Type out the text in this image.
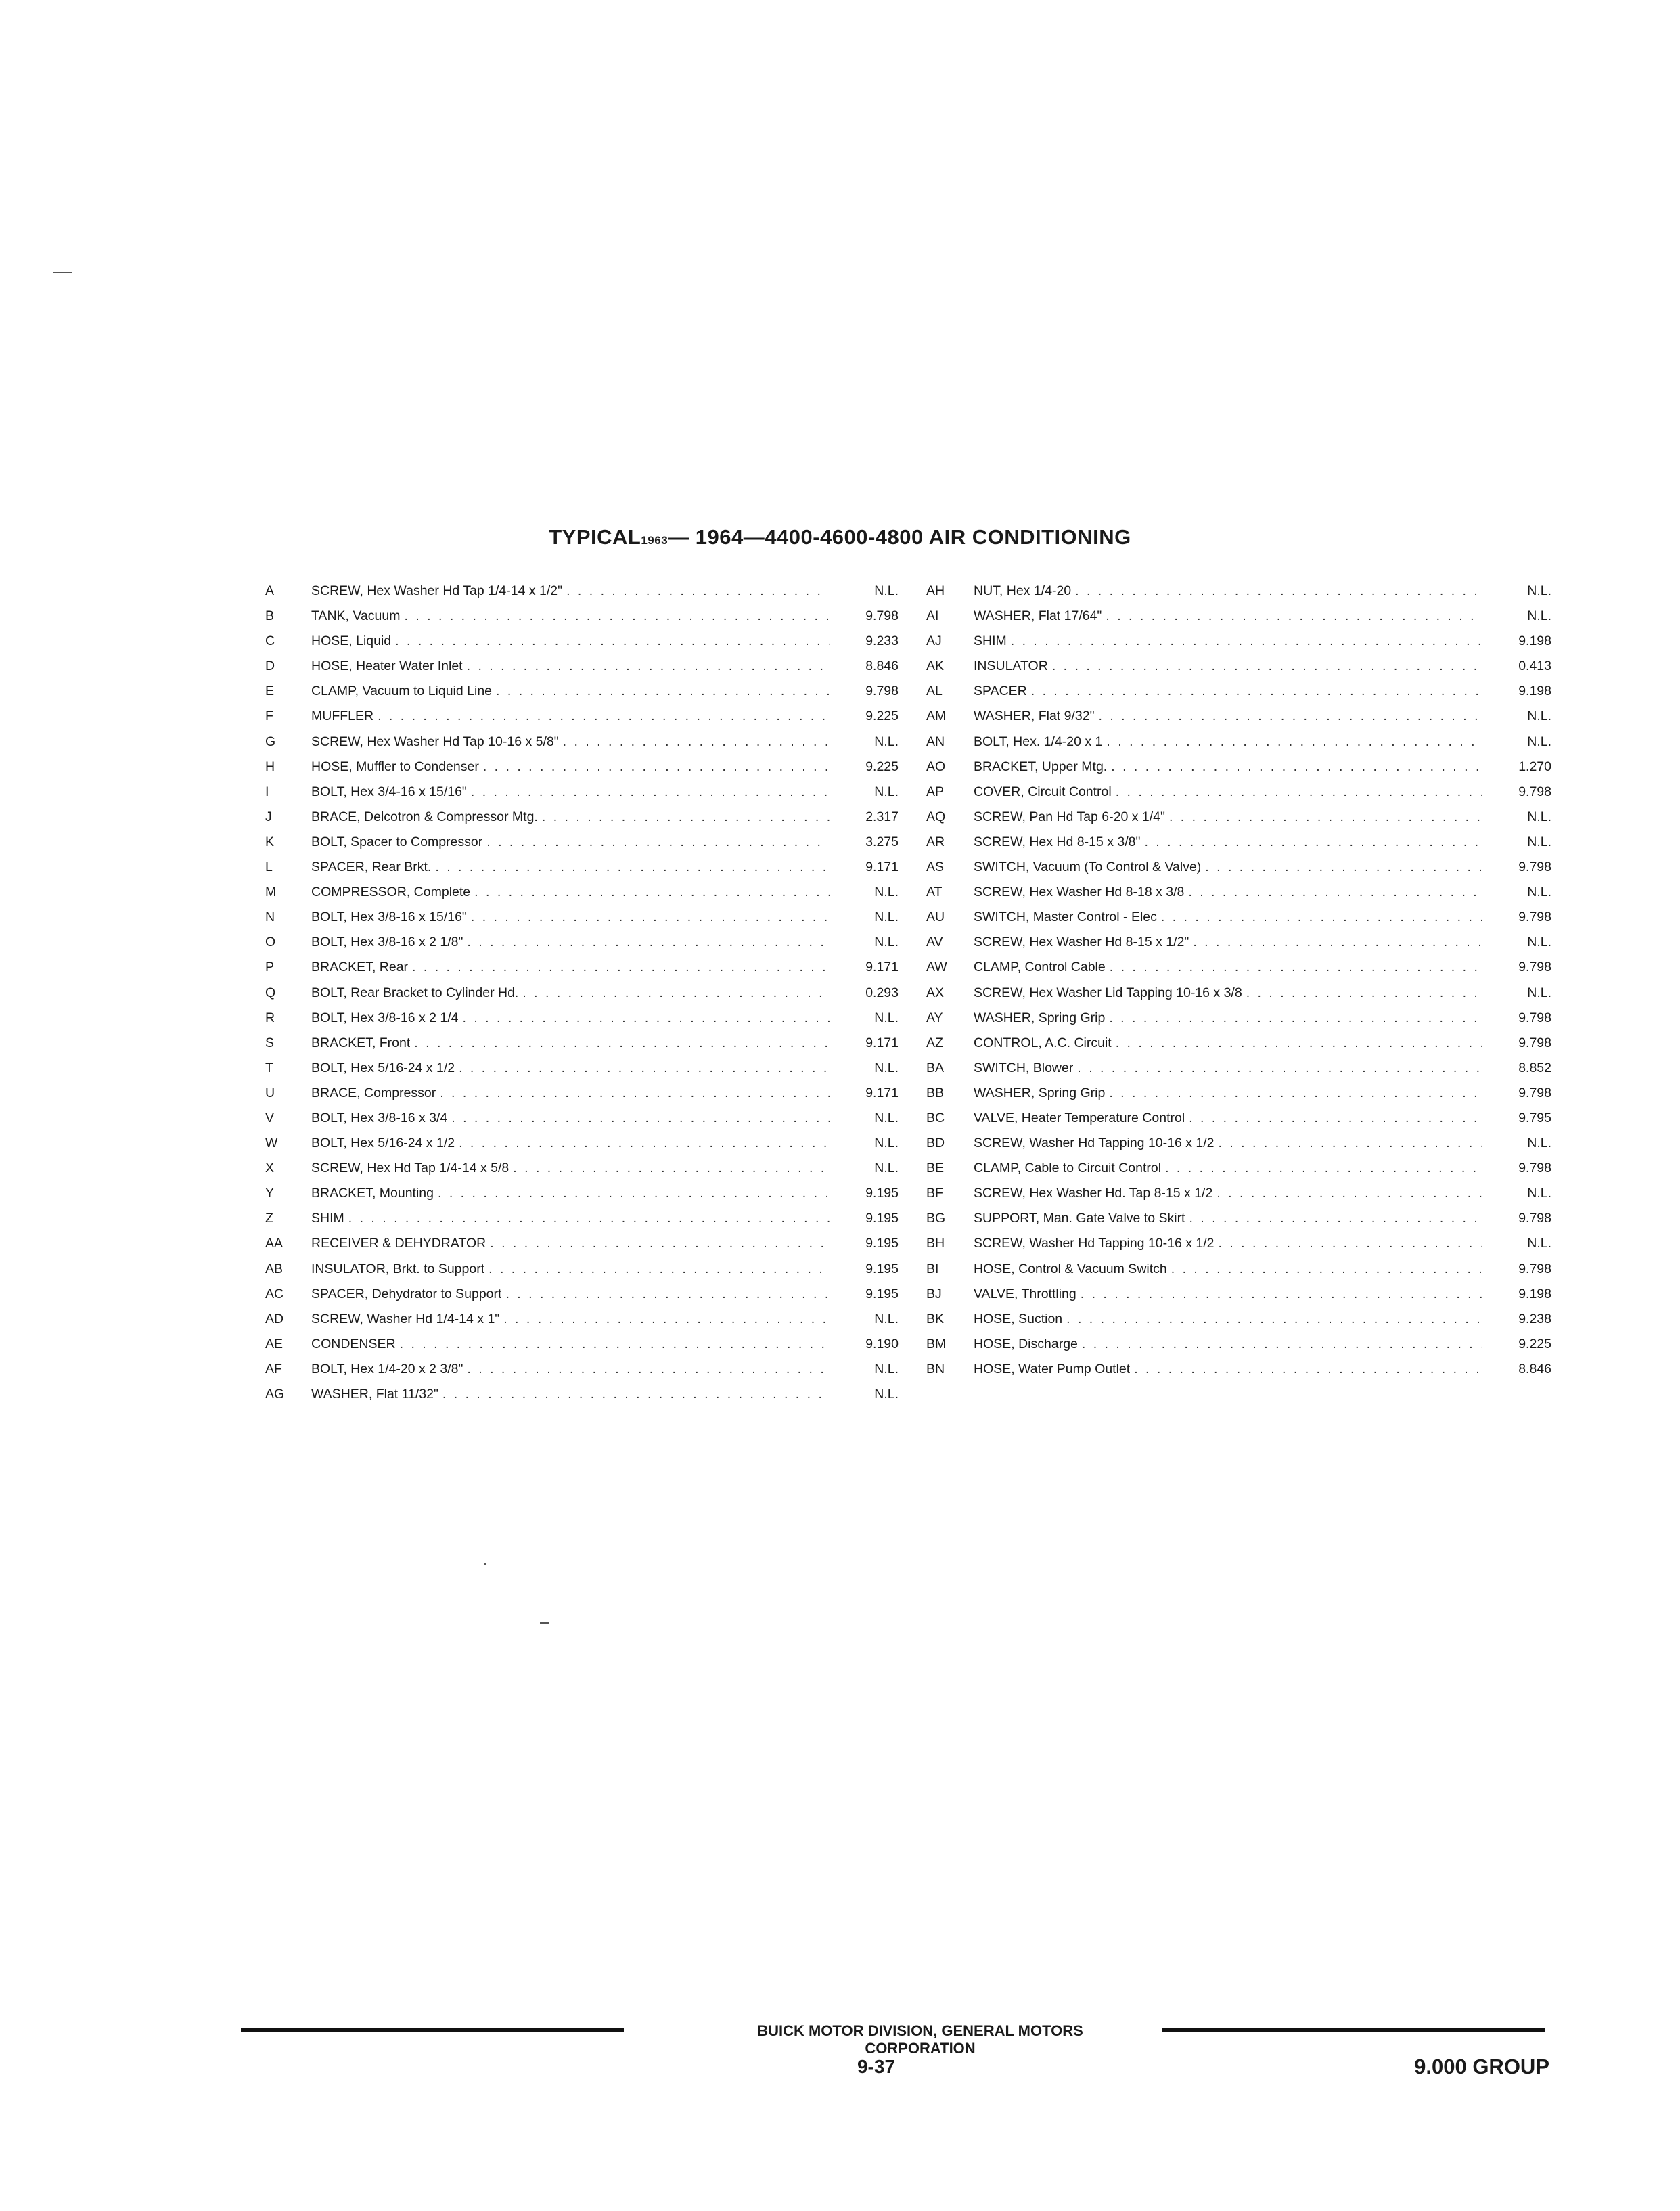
TYPICAL1963— 1964—4400-4600-4800 AIR CONDITIONING
A	SCREW, Hex Washer Hd Tap 1/4-14 x 1/2" . . .	N.L.
B	TANK, Vacuum . . .	9.798
C	HOSE, Liquid . . .	9.233
D	HOSE, Heater Water Inlet . . .	8.846
E	CLAMP, Vacuum to Liquid Line . . .	9.798
F	MUFFLER . . .	9.225
G	SCREW, Hex Washer Hd Tap 10-16 x 5/8" . . .	N.L.
H	HOSE, Muffler to Condenser . . .	9.225
I	BOLT, Hex 3/4-16 x 15/16" . . .	N.L.
J	BRACE, Delcotron & Compressor Mtg. . . .	2.317
K	BOLT, Spacer to Compressor . . .	3.275
L	SPACER, Rear Brkt. . . .	9.171
M	COMPRESSOR, Complete . . .	N.L.
N	BOLT, Hex 3/8-16 x 15/16" . . .	N.L.
O	BOLT, Hex 3/8-16 x 2 1/8" . . .	N.L.
P	BRACKET, Rear . . .	9.171
Q	BOLT, Rear Bracket to Cylinder Hd. . . .	0.293
R	BOLT, Hex 3/8-16 x 2 1/4 . . .	N.L.
S	BRACKET, Front . . .	9.171
T	BOLT, Hex 5/16-24 x 1/2 . . .	N.L.
U	BRACE, Compressor . . .	9.171
V	BOLT, Hex 3/8-16 x 3/4 . . .	N.L.
W	BOLT, Hex 5/16-24 x 1/2 . . .	N.L.
X	SCREW, Hex Hd Tap 1/4-14 x 5/8 . . .	N.L.
Y	BRACKET, Mounting . . .	9.195
Z	SHIM . . .	9.195
AA	RECEIVER & DEHYDRATOR . . .	9.195
AB	INSULATOR, Brkt. to Support . . .	9.195
AC	SPACER, Dehydrator to Support . . .	9.195
AD	SCREW, Washer Hd 1/4-14 x 1" . . .	N.L.
AE	CONDENSER . . .	9.190
AF	BOLT, Hex 1/4-20 x 2 3/8" . . .	N.L.
AG	WASHER, Flat 11/32" . . .	N.L.
AH	NUT, Hex 1/4-20 . . .	N.L.
AI	WASHER, Flat 17/64" . . .	N.L.
AJ	SHIM . . .	9.198
AK	INSULATOR . . .	0.413
AL	SPACER . . .	9.198
AM	WASHER, Flat 9/32" . . .	N.L.
AN	BOLT, Hex. 1/4-20 x 1 . . .	N.L.
AO	BRACKET, Upper Mtg. . . .	1.270
AP	COVER, Circuit Control . . .	9.798
AQ	SCREW, Pan Hd Tap 6-20 x 1/4" . . .	N.L.
AR	SCREW, Hex Hd 8-15 x 3/8" . . .	N.L.
AS	SWITCH, Vacuum (To Control & Valve) . . .	9.798
AT	SCREW, Hex Washer Hd 8-18 x 3/8 . . .	N.L.
AU	SWITCH, Master Control - Elec . . .	9.798
AV	SCREW, Hex Washer Hd 8-15 x 1/2" . . .	N.L.
AW	CLAMP, Control Cable . . .	9.798
AX	SCREW, Hex Washer Lid Tapping 10-16 x 3/8 . . .	N.L.
AY	WASHER, Spring Grip . . .	9.798
AZ	CONTROL, A.C. Circuit . . .	9.798
BA	SWITCH, Blower . . .	8.852
BB	WASHER, Spring Grip . . .	9.798
BC	VALVE, Heater Temperature Control . . .	9.795
BD	SCREW, Washer Hd Tapping 10-16 x 1/2 . . .	N.L.
BE	CLAMP, Cable to Circuit Control . . .	9.798
BF	SCREW, Hex Washer Hd. Tap 8-15 x 1/2 . . .	N.L.
BG	SUPPORT, Man. Gate Valve to Skirt . . .	9.798
BH	SCREW, Washer Hd Tapping 10-16 x 1/2 . . .	N.L.
BI	HOSE, Control & Vacuum Switch . . .	9.798
BJ	VALVE, Throttling . . .	9.198
BK	HOSE, Suction . . .	9.238
BM	HOSE, Discharge . . .	9.225
BN	HOSE, Water Pump Outlet . . .	8.846
BUICK MOTOR DIVISION, GENERAL MOTORS CORPORATION
9-37	9.000 GROUP
